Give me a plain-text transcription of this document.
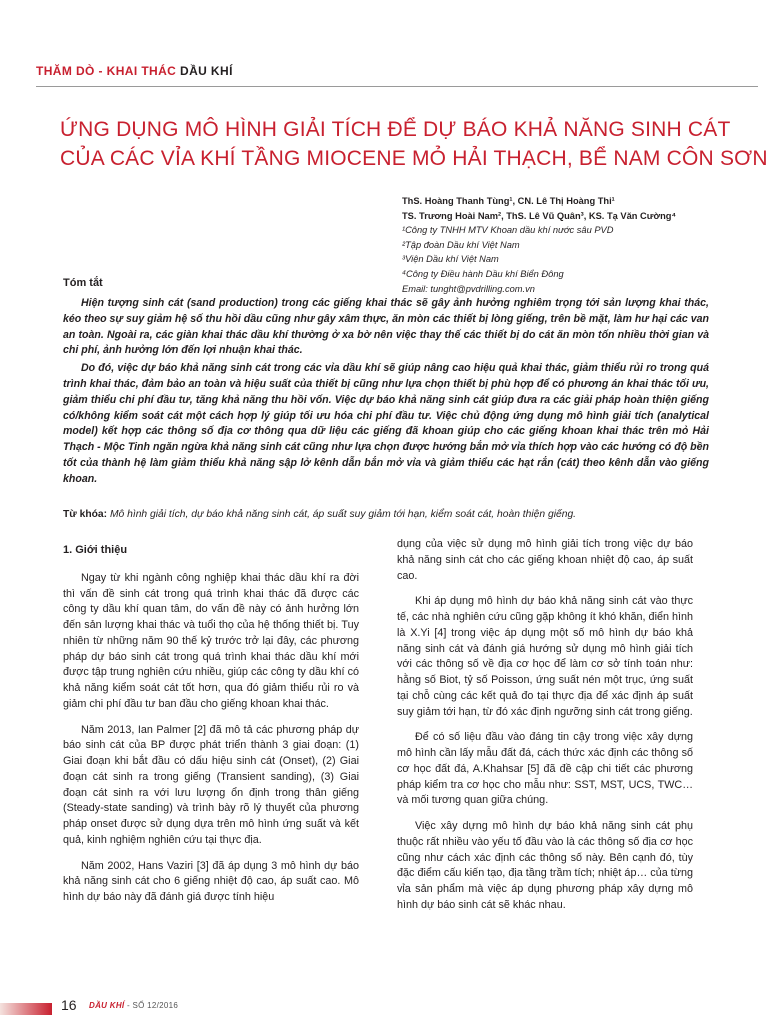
THĂM DÒ - KHAI THÁC DẦU KHÍ
ỨNG DỤNG MÔ HÌNH GIẢI TÍCH ĐỂ DỰ BÁO KHẢ NĂNG SINH CÁT
CỦA CÁC VỈA KHÍ TẦNG MIOCENE MỎ HẢI THẠCH, BỂ NAM CÔN SƠN
ThS. Hoàng Thanh Tùng¹, CN. Lê Thị Hoàng Thi¹
TS. Trương Hoài Nam², ThS. Lê Vũ Quân³, KS. Tạ Văn Cường⁴
¹Công ty TNHH MTV Khoan dầu khí nước sâu PVD
²Tập đoàn Dầu khí Việt Nam
³Viện Dầu khí Việt Nam
⁴Công ty Điều hành Dầu khí Biển Đông
Email: tunght@pvdrilling.com.vn
Tóm tắt

Hiện tượng sinh cát (sand production) trong các giếng khai thác sẽ gây ảnh hưởng nghiêm trọng tới sản lượng khai thác, kéo theo sự suy giảm hệ số thu hồi dầu cũng như gây xâm thực, ăn mòn các thiết bị lòng giếng, trên bề mặt, làm hư hại các van an toàn. Ngoài ra, các giàn khai thác dầu khí thường ở xa bờ nên việc thay thế các thiết bị do cát ăn mòn tốn nhiều thời gian và chi phí, ảnh hưởng lớn đến lợi nhuận khai thác.

Do đó, việc dự báo khả năng sinh cát trong các vỉa dầu khí sẽ giúp nâng cao hiệu quả khai thác, giảm thiểu rủi ro trong quá trình khai thác, đảm bảo an toàn và hiệu suất của thiết bị cũng như lựa chọn thiết bị phù hợp để có phương án khai thác tối ưu, giảm thiểu chi phí đầu tư, tăng khả năng thu hồi vốn. Việc dự báo khả năng sinh cát giúp đưa ra các giải pháp hoàn thiện giếng có/không kiểm soát cát một cách hợp lý giúp tối ưu hóa chi phí đầu tư. Việc chủ động ứng dụng mô hình giải tích (analytical model) kết hợp các thông số địa cơ thông qua dữ liệu các giếng đã khoan giúp cho các giếng khoan khai thác trên mỏ Hải Thạch - Mộc Tinh ngăn ngừa khả năng sinh cát cũng như lựa chọn được hướng bắn mở vỉa thích hợp vào các hướng có độ bền tốt của thành hệ làm giảm thiểu khả năng sập lở kênh dẫn bắn mở vỉa và giảm thiểu các hạt rắn (cát) theo kênh dẫn vào giếng khoan.

Từ khóa: Mô hình giải tích, dự báo khả năng sinh cát, áp suất suy giảm tới hạn, kiểm soát cát, hoàn thiện giếng.
1. Giới thiệu

Ngay từ khi ngành công nghiệp khai thác dầu khí ra đời thì vấn đề sinh cát trong quá trình khai thác đã được các công ty dầu khí quan tâm, do vấn đề này có ảnh hưởng lớn đến sản lượng khai thác và tuổi thọ của hệ thống thiết bị. Tuy nhiên từ những năm 90 thế kỷ trước trở lại đây, các phương pháp dự báo sinh cát trong quá trình khai thác dầu khí mới được tập trung nghiên cứu nhiều, giúp các công ty dầu khí có khả năng kiểm soát cát tốt hơn, qua đó giảm thiểu rủi ro và giảm chi phí đầu tư ban đầu cho giếng khoan khai thác.

Năm 2013, Ian Palmer [2] đã mô tả các phương pháp dự báo sinh cát của BP được phát triển thành 3 giai đoạn: (1) Giai đoạn khi bắt đầu có dấu hiệu sinh cát (Onset), (2) Giai đoạn cát sinh ra trong giếng (Transient sanding), (3) Giai đoạn cát sinh ra với lưu lượng ổn định trong thân giếng (Steady-state sanding) và trình bày rõ lý thuyết của phương pháp onset được sử dụng dựa trên mô hình ứng suất và kết quả, kinh nghiệm nghiên cứu tại thực địa.

Năm 2002, Hans Vaziri [3] đã áp dụng 3 mô hình dự báo khả năng sinh cát cho 6 giếng nhiệt độ cao, áp suất cao. Mô hình dự báo này đã đánh giá được tính hiệu

dụng của việc sử dụng mô hình giải tích trong việc dự báo khả năng sinh cát cho các giếng khoan nhiệt độ cao, áp suất cao.

Khi áp dụng mô hình dự báo khả năng sinh cát vào thực tế, các nhà nghiên cứu cũng gặp không ít khó khăn, điển hình là X.Yi [4] trong việc áp dụng một số mô hình dự báo khả năng sinh cát và đánh giá hướng sử dụng mô hình giải tích với các thông số về địa cơ học để làm cơ sở tính toán như: hằng số Biot, tỷ số Poisson, ứng suất nén một trục, ứng suất tại chỗ cùng các kết quả đo tại thực địa để xác định áp suất suy giảm tới hạn, từ đó xác định ngưỡng sinh cát trong giếng.

Để có số liệu đầu vào đáng tin cậy trong việc xây dựng mô hình cần lấy mẫu đất đá, cách thức xác định các thông số cơ học đất đá, A.Khahsar [5] đã đề cập chi tiết các phương pháp kiểm tra cơ học cho mẫu như: SST, MST, UCS, TWC… và mối tương quan giữa chúng.

Việc xây dựng mô hình dự báo khả năng sinh cát phụ thuộc rất nhiều vào yếu tố đầu vào là các thông số địa cơ học cũng như cách xác định các thông số này. Bên cạnh đó, tùy đặc điểm cấu kiến tạo, địa tầng trầm tích; nhiệt áp… của từng vỉa sản phẩm mà việc áp dụng phương pháp xây dựng mô hình dự báo sinh cát sẽ khác nhau.

16 DẦU KHÍ - SỐ 12/2016
